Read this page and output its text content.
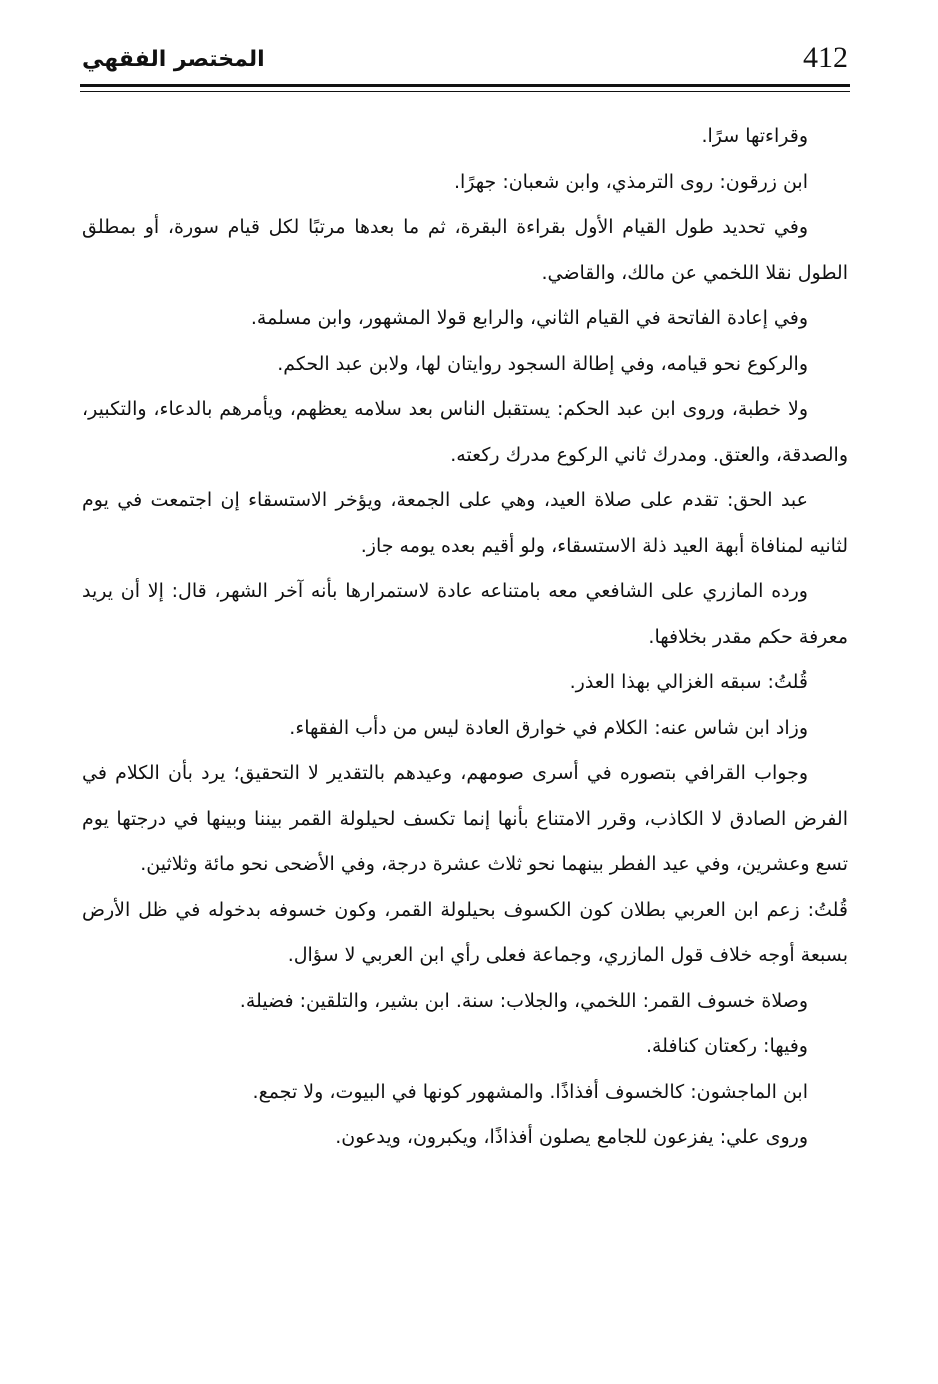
412
المختصر الفقهي

وقراءتها سرًا.

ابن زرقون: روى الترمذي، وابن شعبان: جهرًا.

وفي تحديد طول القيام الأول بقراءة البقرة، ثم ما بعدها مرتبًا لكل قيام سورة، أو بمطلق الطول نقلا اللخمي عن مالك، والقاضي.

وفي إعادة الفاتحة في القيام الثاني، والرابع قولا المشهور، وابن مسلمة.

والركوع نحو قيامه، وفي إطالة السجود روايتان لها، ولابن عبد الحكم.

ولا خطبة، وروى ابن عبد الحكم: يستقبل الناس بعد سلامه يعظهم، ويأمرهم بالدعاء، والتكبير، والصدقة، والعتق. ومدرك ثاني الركوع مدرك ركعته.

عبد الحق: تقدم على صلاة العيد، وهي على الجمعة، ويؤخر الاستسقاء إن اجتمعت في يوم لثانيه لمنافاة أبهة العيد ذلة الاستسقاء، ولو أقيم بعده يومه جاز.

ورده المازري على الشافعي معه بامتناعه عادة لاستمرارها بأنه آخر الشهر، قال: إلا أن يريد معرفة حكم مقدر بخلافها.

قُلتُ: سبقه الغزالي بهذا العذر.

وزاد ابن شاس عنه: الكلام في خوارق العادة ليس من دأب الفقهاء.

وجواب القرافي بتصوره في أسرى صومهم، وعيدهم بالتقدير لا التحقيق؛ يرد بأن الكلام في الفرض الصادق لا الكاذب، وقرر الامتناع بأنها إنما تكسف لحيلولة القمر بيننا وبينها في درجتها يوم تسع وعشرين، وفي عيد الفطر بينهما نحو ثلاث عشرة درجة، وفي الأضحى نحو مائة وثلاثين.

قُلتُ: زعم ابن العربي بطلان كون الكسوف بحيلولة القمر، وكون خسوفه بدخوله في ظل الأرض بسبعة أوجه خلاف قول المازري، وجماعة فعلى رأي ابن العربي لا سؤال.

وصلاة خسوف القمر: اللخمي، والجلاب: سنة. ابن بشير، والتلقين: فضيلة.

وفيها: ركعتان كنافلة.

ابن الماجشون: كالخسوف أفذاذًا. والمشهور كونها في البيوت، ولا تجمع.

وروى علي: يفزعون للجامع يصلون أفذاذًا، ويكبرون، ويدعون.
